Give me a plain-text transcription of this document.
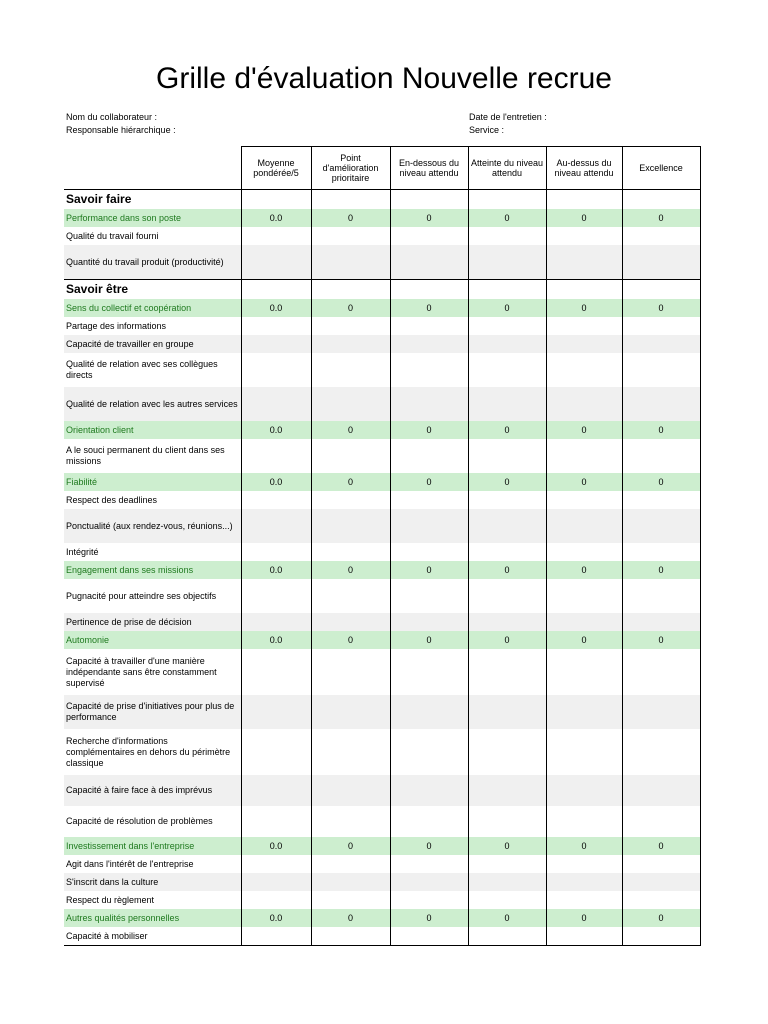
Grille d'évaluation Nouvelle recrue
Nom du collaborateur :
Responsable hiérarchique :
Date de l'entretien :
Service :
	Moyenne pondérée/5	Point d'amélioration prioritaire	En-dessous du niveau attendu	Atteinte du niveau attendu	Au-dessus du niveau attendu	Excellence
Savoir faire						
Performance dans son poste	0.0	0	0	0	0	0
Qualité du travail fourni						
Quantité du travail produit (productivité)						
Savoir être						
Sens du collectif et coopération	0.0	0	0	0	0	0
Partage des informations						
Capacité de travailler en groupe						
Qualité de relation avec ses collègues directs						
Qualité de relation avec les autres services						
Orientation client	0.0	0	0	0	0	0
A le souci permanent du client dans ses missions						
Fiabilité	0.0	0	0	0	0	0
Respect des deadlines						
Ponctualité (aux rendez-vous, réunions...)						
Intégrité						
Engagement dans ses missions	0.0	0	0	0	0	0
Pugnacité pour atteindre ses objectifs						
Pertinence de prise de décision						
Automonie	0.0	0	0	0	0	0
Capacité à travailler d'une manière indépendante sans être constamment supervisé						
Capacité de prise d'initiatives pour plus de performance						
Recherche d'informations complémentaires en dehors du périmètre classique						
Capacité à faire face à des imprévus						
Capacité de résolution de problèmes						
Investissement dans l'entreprise	0.0	0	0	0	0	0
Agit dans l'intérêt de l'entreprise						
S'inscrit dans la culture						
Respect du règlement						
Autres qualités personnelles	0.0	0	0	0	0	0
Capacité à mobiliser						
